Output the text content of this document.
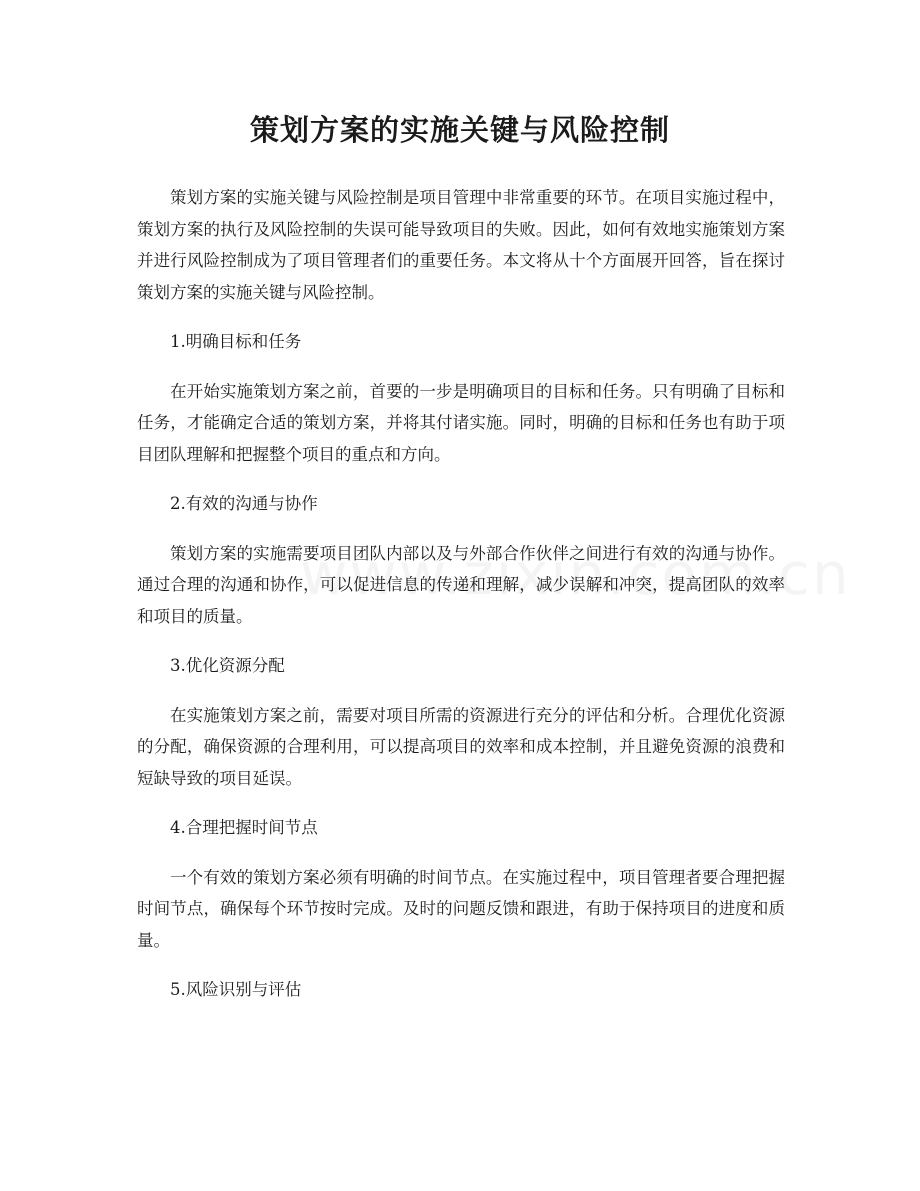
策划方案的实施关键与风险控制

策划方案的实施关键与风险控制是项目管理中非常重要的环节。在项目实施过程中，策划方案的执行及风险控制的失误可能导致项目的失败。因此，如何有效地实施策划方案并进行风险控制成为了项目管理者们的重要任务。本文将从十个方面展开回答，旨在探讨策划方案的实施关键与风险控制。

1.明确目标和任务

在开始实施策划方案之前，首要的一步是明确项目的目标和任务。只有明确了目标和任务，才能确定合适的策划方案，并将其付诸实施。同时，明确的目标和任务也有助于项目团队理解和把握整个项目的重点和方向。

2.有效的沟通与协作

策划方案的实施需要项目团队内部以及与外部合作伙伴之间进行有效的沟通与协作。通过合理的沟通和协作，可以促进信息的传递和理解，减少误解和冲突，提高团队的效率和项目的质量。

3.优化资源分配

在实施策划方案之前，需要对项目所需的资源进行充分的评估和分析。合理优化资源的分配，确保资源的合理利用，可以提高项目的效率和成本控制，并且避免资源的浪费和短缺导致的项目延误。

4.合理把握时间节点

一个有效的策划方案必须有明确的时间节点。在实施过程中，项目管理者要合理把握时间节点，确保每个环节按时完成。及时的问题反馈和跟进，有助于保持项目的进度和质量。

5.风险识别与评估
